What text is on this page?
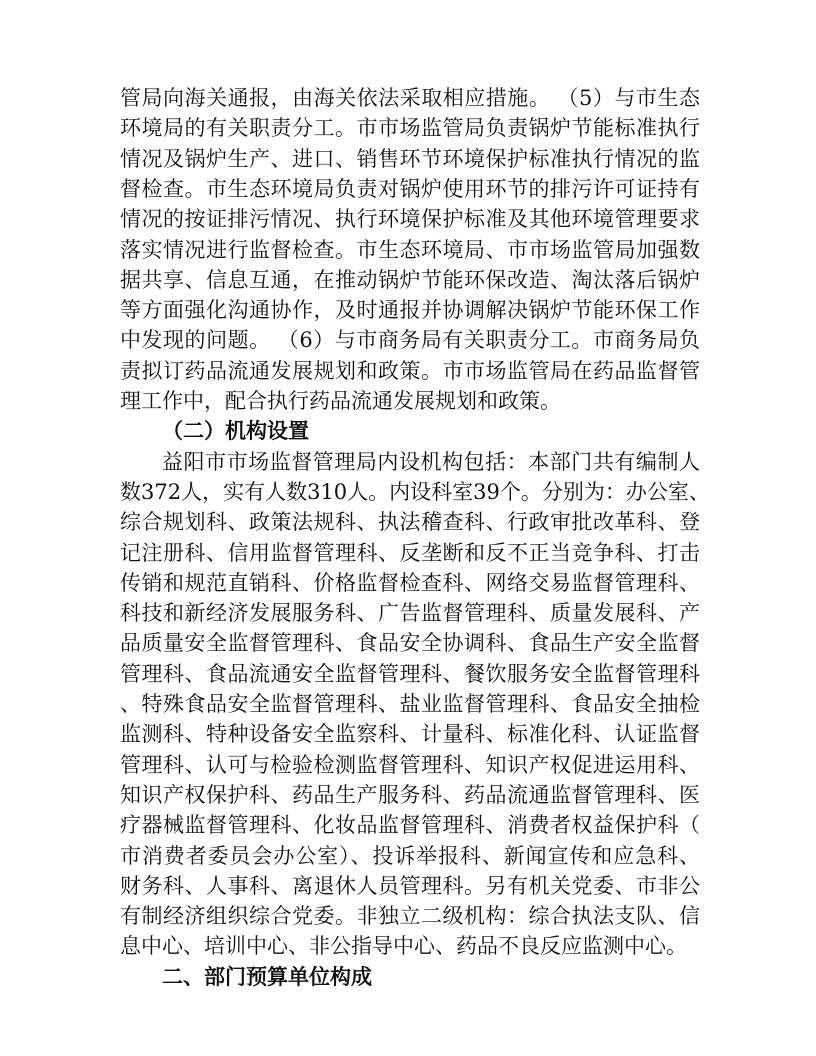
管局向海关通报，由海关依法采取相应措施。 （5）与市生态
环境局的有关职责分工。市市场监管局负责锅炉节能标准执行
情况及锅炉生产、进口、销售环节环境保护标准执行情况的监
督检查。市生态环境局负责对锅炉使用环节的排污许可证持有
情况的按证排污情况、执行环境保护标准及其他环境管理要求
落实情况进行监督检查。市生态环境局、市市场监管局加强数
据共享、信息互通，在推动锅炉节能环保改造、淘汰落后锅炉
等方面强化沟通协作，及时通报并协调解决锅炉节能环保工作
中发现的问题。 （6）与市商务局有关职责分工。市商务局负
责拟订药品流通发展规划和政策。市市场监管局在药品监督管
理工作中，配合执行药品流通发展规划和政策。
（二）机构设置
益阳市市场监督管理局内设机构包括：本部门共有编制人
数372人，实有人数310人。内设科室39个。分别为：办公室、
综合规划科、政策法规科、执法稽查科、行政审批改革科、登
记注册科、信用监督管理科、反垄断和反不正当竞争科、打击
传销和规范直销科、价格监督检查科、网络交易监督管理科、
科技和新经济发展服务科、广告监督管理科、质量发展科、产
品质量安全监督管理科、食品安全协调科、食品生产安全监督
管理科、食品流通安全监督管理科、餐饮服务安全监督管理科
、特殊食品安全监督管理科、盐业监督管理科、食品安全抽检
监测科、特种设备安全监察科、计量科、标准化科、认证监督
管理科、认可与检验检测监督管理科、知识产权促进运用科、
知识产权保护科、药品生产服务科、药品流通监督管理科、医
疗器械监督管理科、化妆品监督管理科、消费者权益保护科（
市消费者委员会办公室）、投诉举报科、新闻宣传和应急科、
财务科、人事科、离退休人员管理科。另有机关党委、市非公
有制经济组织综合党委。非独立二级机构：综合执法支队、信
息中心、培训中心、非公指导中心、药品不良反应监测中心。
二、部门预算单位构成
